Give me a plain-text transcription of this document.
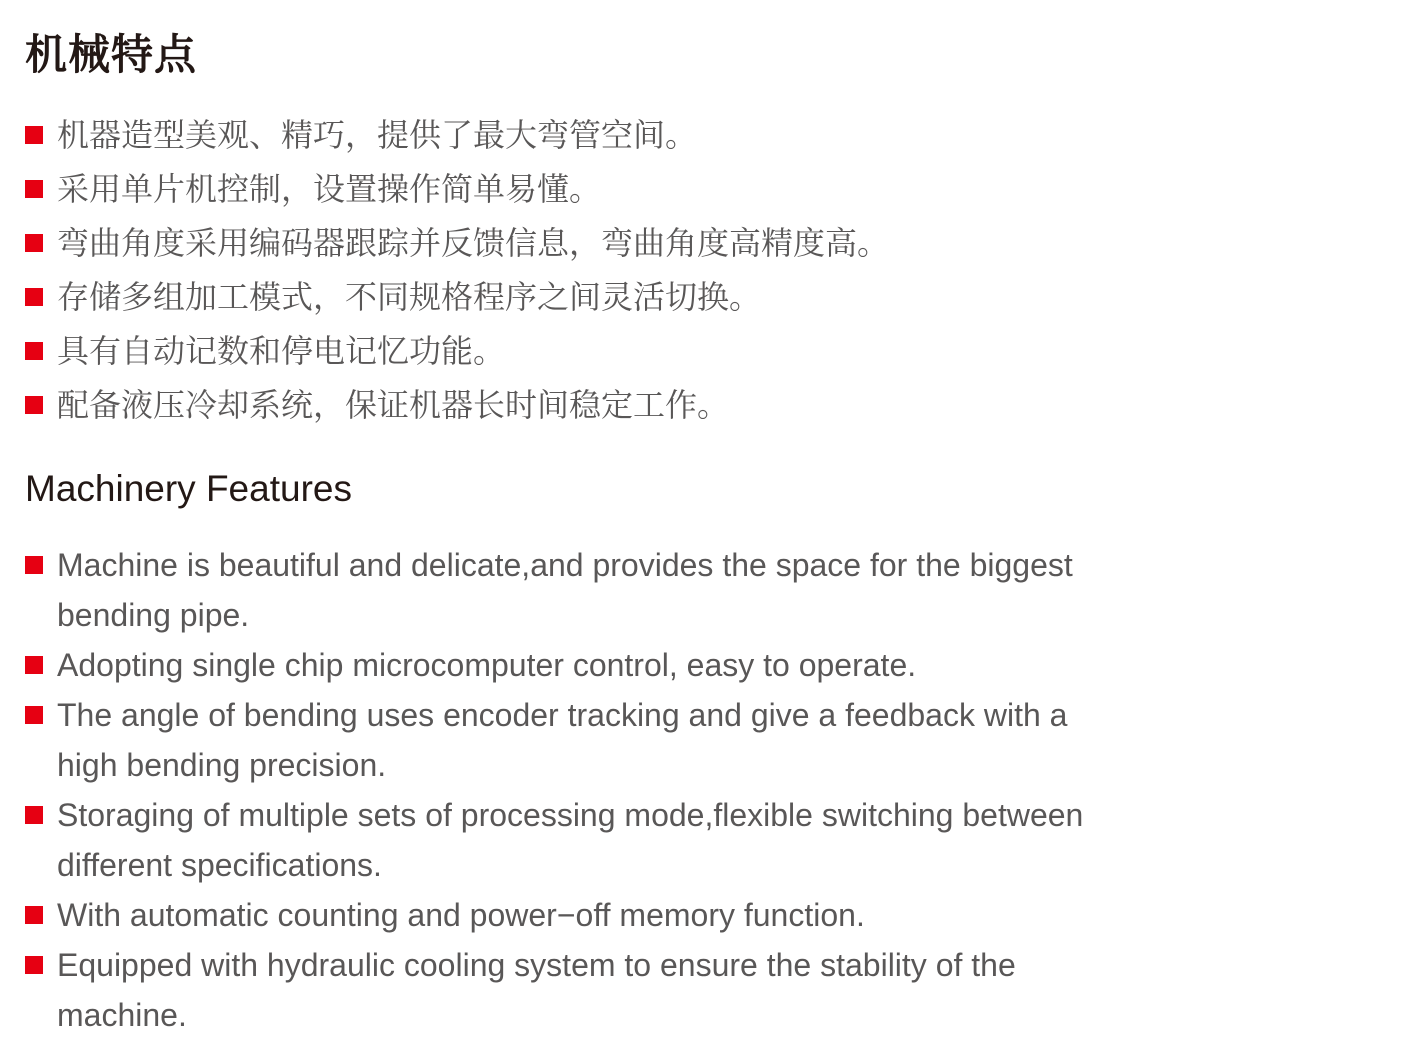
机械特点
机器造型美观、精巧，提供了最大弯管空间。
采用单片机控制，设置操作简单易懂。
弯曲角度采用编码器跟踪并反馈信息，弯曲角度高精度高。
存储多组加工模式，不同规格程序之间灵活切换。
具有自动记数和停电记忆功能。
配备液压冷却系统，保证机器长时间稳定工作。
Machinery Features
Machine is beautiful and delicate,and provides the space for the biggest bending pipe.
Adopting single chip microcomputer control, easy to operate.
The angle of bending uses encoder tracking and give a feedback with a high bending precision.
Storaging of multiple sets of processing mode,flexible switching between different specifications.
With automatic counting and power−off memory function.
Equipped with hydraulic cooling system to ensure the stability of the machine.
